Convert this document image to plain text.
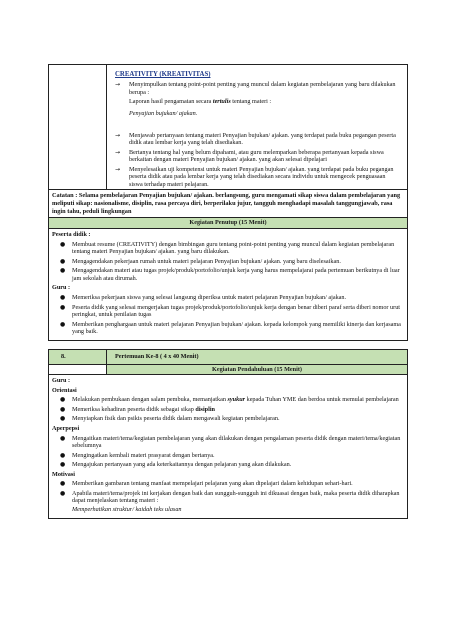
CREATIVITY (KREATIVITAS)
→	Menyimpulkan tentang point-point penting yang muncul dalam kegiatan pembelajaran yang baru dilakukan berupa :
Laporan hasil pengamatan secara tertulis tentang materi :
Penyajian bujukan/ ajakan.
→	Menjawab pertanyaan tentang materi Penyajian bujukan/ ajakan. yang terdapat pada buku pegangan peserta didik atau lembar kerja yang telah disediakan.
→	Bertanya tentang hal yang belum dipahami, atau guru melemparkan beberapa pertanyaan kepada siswa berkaitan dengan materi Penyajian bujukan/ ajakan. yang akan selesai dipelajari
→	Menyelesaikan uji kompetensi untuk materi Penyajian bujukan/ ajakan. yang terdapat pada buku pegangan peserta didik atau pada lembar kerja yang telah disediakan secara individu untuk mengecek penguasaan siswa terhadap materi pelajaran.
Catatan : Selama pembelajaran Penyajian bujukan/ ajakan. berlangsung, guru mengamati sikap siswa dalam pembelajaran yang meliputi sikap: nasionalisme, disiplin, rasa percaya diri, berperilaku jujur, tangguh menghadapi masalah tanggungjawab, rasa ingin tahu, peduli lingkungan
Kegiatan Penutup (15 Menit)
Peserta didik :
● Membuat resume (CREATIVITY) dengan bimbingan guru tentang point-point penting yang muncul dalam kegiatan pembelajaran tentang materi Penyajian bujukan/ ajakan. yang baru dilakukan.
● Mengagendakan pekerjaan rumah untuk materi pelajaran Penyajian bujukan/ ajakan. yang baru diselesaikan.
● Mengagendakan materi atau tugas projek/produk/portofolio/unjuk kerja yang harus mempelajarai pada pertemuan berikutnya di luar jam sekolah atau dirumah.
Guru :
● Memeriksa pekerjaan siswa yang selesai langsung diperiksa untuk materi pelajaran Penyajian bujukan/ ajakan.
● Peserta didik yang selesai mengerjakan tugas projek/produk/portofolio/unjuk kerja dengan benar diberi paraf serta diberi nomor urut peringkat, untuk penilaian tugas
● Memberikan penghargaan untuk materi pelajaran Penyajian bujukan/ ajakan. kepada kelompok yang memiliki kinerja dan kerjasama yang baik.
8.	Pertemuan Ke-8 ( 4 x 40 Menit)
Kegiatan Pendahuluan (15 Menit)
Guru :
Orientasi
● Melakukan pembukaan dengan salam pembuka, memanjatkan syukur kepada Tuhan YME dan berdoa untuk memulai pembelajaran
● Memeriksa kehadiran peserta didik sebagai sikap disiplin
● Menyiapkan fisik dan psikis peserta didik dalam mengawali kegiatan pembelajaran.
Aperpepsi
● Mengaitkan materi/tema/kegiatan pembelajaran yang akan dilakukan dengan pengalaman peserta didik dengan materi/tema/kegiatan sebelumnya
● Mengingatkan kembali materi prasyarat dengan bertanya.
● Mengajukan pertanyaan yang ada keterkaitannya dengan pelajaran yang akan dilakukan.
Motivasi
● Memberikan gambaran tentang manfaat mempelajari pelajaran yang akan dipelajari dalam kehidupan sehari-hari.
● Apabila materi/tema/projek ini kerjakan dengan baik dan sungguh-sungguh ini dikuasai dengan baik, maka peserta didik diharapkan dapat menjelaskan tentang materi :
Memperhatikan struktur/ kaidah teks ulasan
